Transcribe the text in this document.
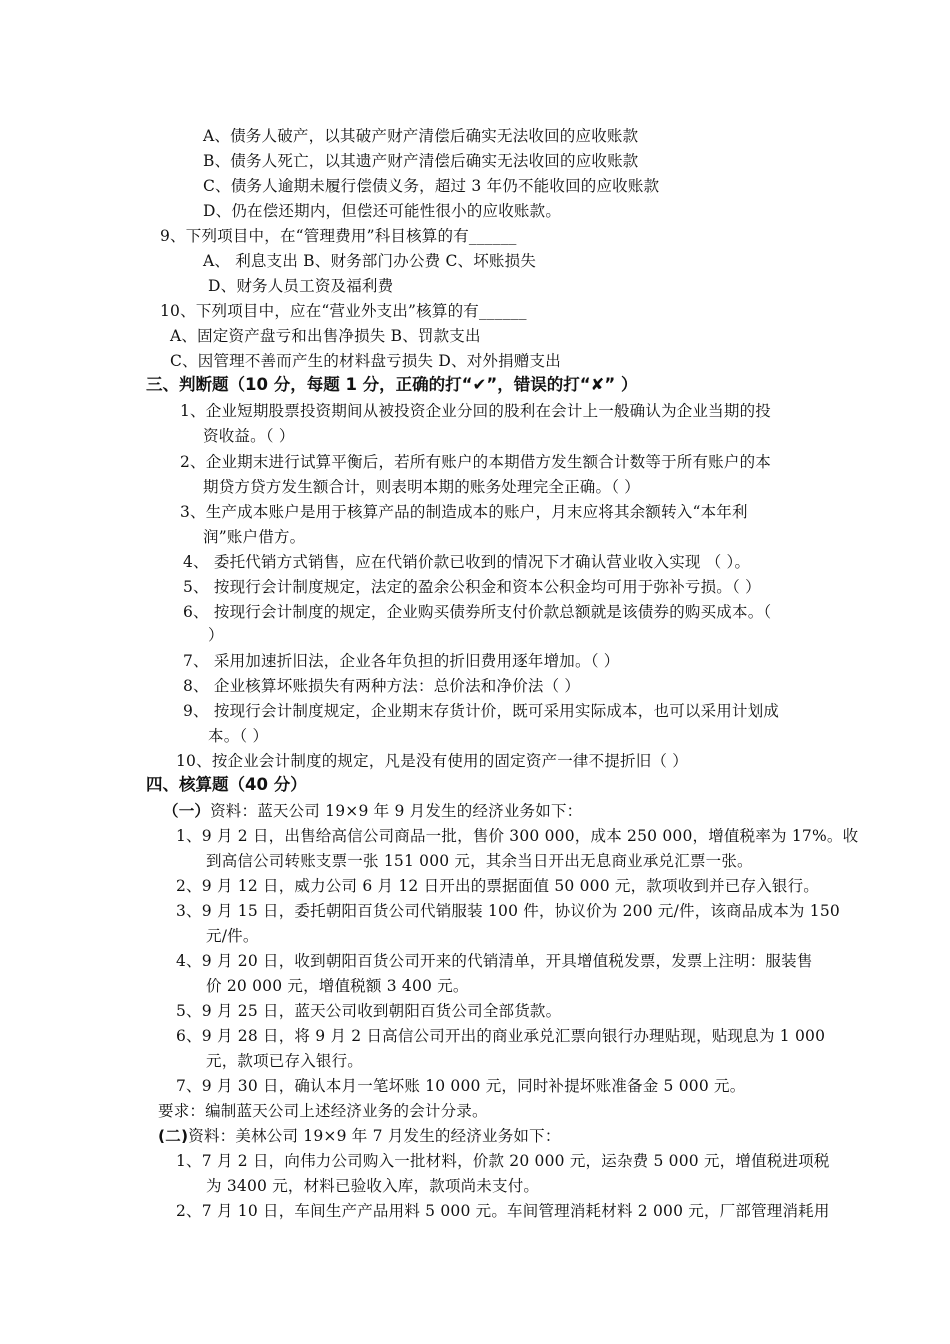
A、债务人破产，以其破产财产清偿后确实无法收回的应收账款
B、债务人死亡，以其遗产财产清偿后确实无法收回的应收账款
C、债务人逾期未履行偿债义务，超过 3 年仍不能收回的应收账款
D、仍在偿还期内，但偿还可能性很小的应收账款。
9、下列项目中，在“管理费用”科目核算的有______
A、 利息支出 B、财务部门办公费 C、坏账损失
D、财务人员工资及福利费
10、下列项目中，应在“营业外支出”核算的有______
A、固定资产盘亏和出售净损失 B、罚款支出
C、因管理不善而产生的材料盘亏损失 D、对外捐赠支出
三、判断题（10 分，每题 1 分，正确的打“✔”，错误的打“✘” ）
1、企业短期股票投资期间从被投资企业分回的股利在会计上一般确认为企业当期的投
资收益。（ ）
2、企业期末进行试算平衡后，若所有账户的本期借方发生额合计数等于所有账户的本
期贷方贷方发生额合计，则表明本期的账务处理完全正确。（ ）
3、生产成本账户是用于核算产品的制造成本的账户，月末应将其余额转入“本年利
润”账户借方。
4、 委托代销方式销售，应在代销价款已收到的情况下才确认营业收入实现 （ ）。
5、 按现行会计制度规定，法定的盈余公积金和资本公积金均可用于弥补亏损。（ ）
6、 按现行会计制度的规定，企业购买债券所支付价款总额就是该债券的购买成本。（
）
7、 采用加速折旧法，企业各年负担的折旧费用逐年增加。（ ）
8、 企业核算坏账损失有两种方法：总价法和净价法（ ）
9、 按现行会计制度规定，企业期末存货计价，既可采用实际成本，也可以采用计划成
本。（ ）
10、按企业会计制度的规定，凡是没有使用的固定资产一律不提折旧（ ）
四、核算题（40 分）
（一）资料：蓝天公司 19×9 年 9 月发生的经济业务如下：
1、9 月 2 日，出售给高信公司商品一批，售价 300 000，成本 250 000，增值税率为 17%。收
到高信公司转账支票一张 151 000 元，其余当日开出无息商业承兑汇票一张。
2、9 月 12 日，威力公司 6 月 12 日开出的票据面值 50 000 元，款项收到并已存入银行。
3、9 月 15 日，委托朝阳百货公司代销服装 100 件，协议价为 200 元/件，该商品成本为 150
元/件。
4、9 月 20 日，收到朝阳百货公司开来的代销清单，开具增值税发票，发票上注明：服装售
价 20 000 元，增值税额 3 400 元。
5、9 月 25 日，蓝天公司收到朝阳百货公司全部货款。
6、9 月 28 日，将 9 月 2 日高信公司开出的商业承兑汇票向银行办理贴现，贴现息为 1 000
元，款项已存入银行。
7、9 月 30 日，确认本月一笔坏账 10 000 元，同时补提坏账准备金 5 000 元。
要求：编制蓝天公司上述经济业务的会计分录。
(二)资料：美林公司 19×9 年 7 月发生的经济业务如下：
1、7 月 2 日，向伟力公司购入一批材料，价款 20 000 元，运杂费 5 000 元，增值税进项税
为 3400 元，材料已验收入库，款项尚未支付。
2、7 月 10 日，车间生产产品用料 5 000 元。车间管理消耗材料 2 000 元，厂部管理消耗用
